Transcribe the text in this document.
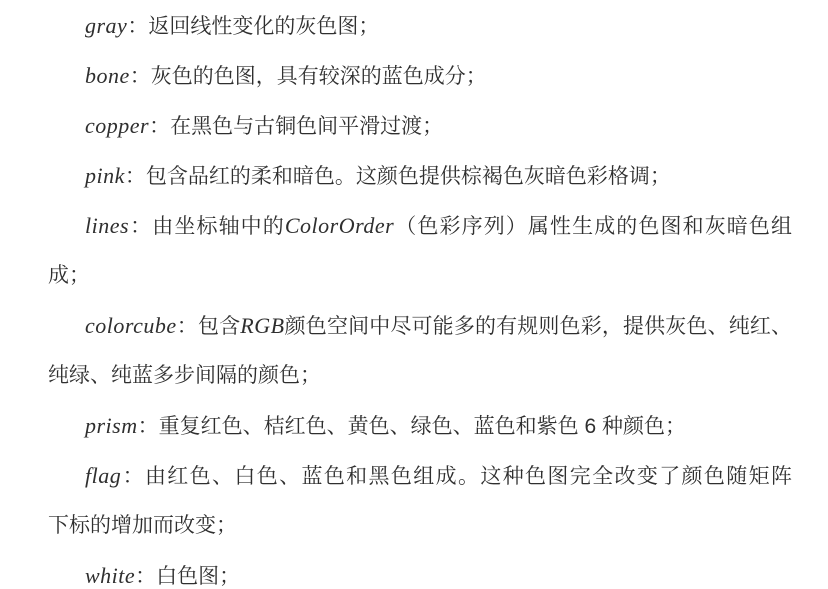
gray：返回线性变化的灰色图；

bone：灰色的色图，具有较深的蓝色成分；

copper：在黑色与古铜色间平滑过渡；

pink：包含品红的柔和暗色。这颜色提供棕褐色灰暗色彩格调；

lines：由坐标轴中的ColorOrder（色彩序列）属性生成的色图和灰暗色组

成；

colorcube：包含RGB颜色空间中尽可能多的有规则色彩，提供灰色、纯红、

纯绿、纯蓝多步间隔的颜色；

prism：重复红色、桔红色、黄色、绿色、蓝色和紫色 6 种颜色；

flag：由红色、白色、蓝色和黑色组成。这种色图完全改变了颜色随矩阵

下标的增加而改变；

white：白色图；
